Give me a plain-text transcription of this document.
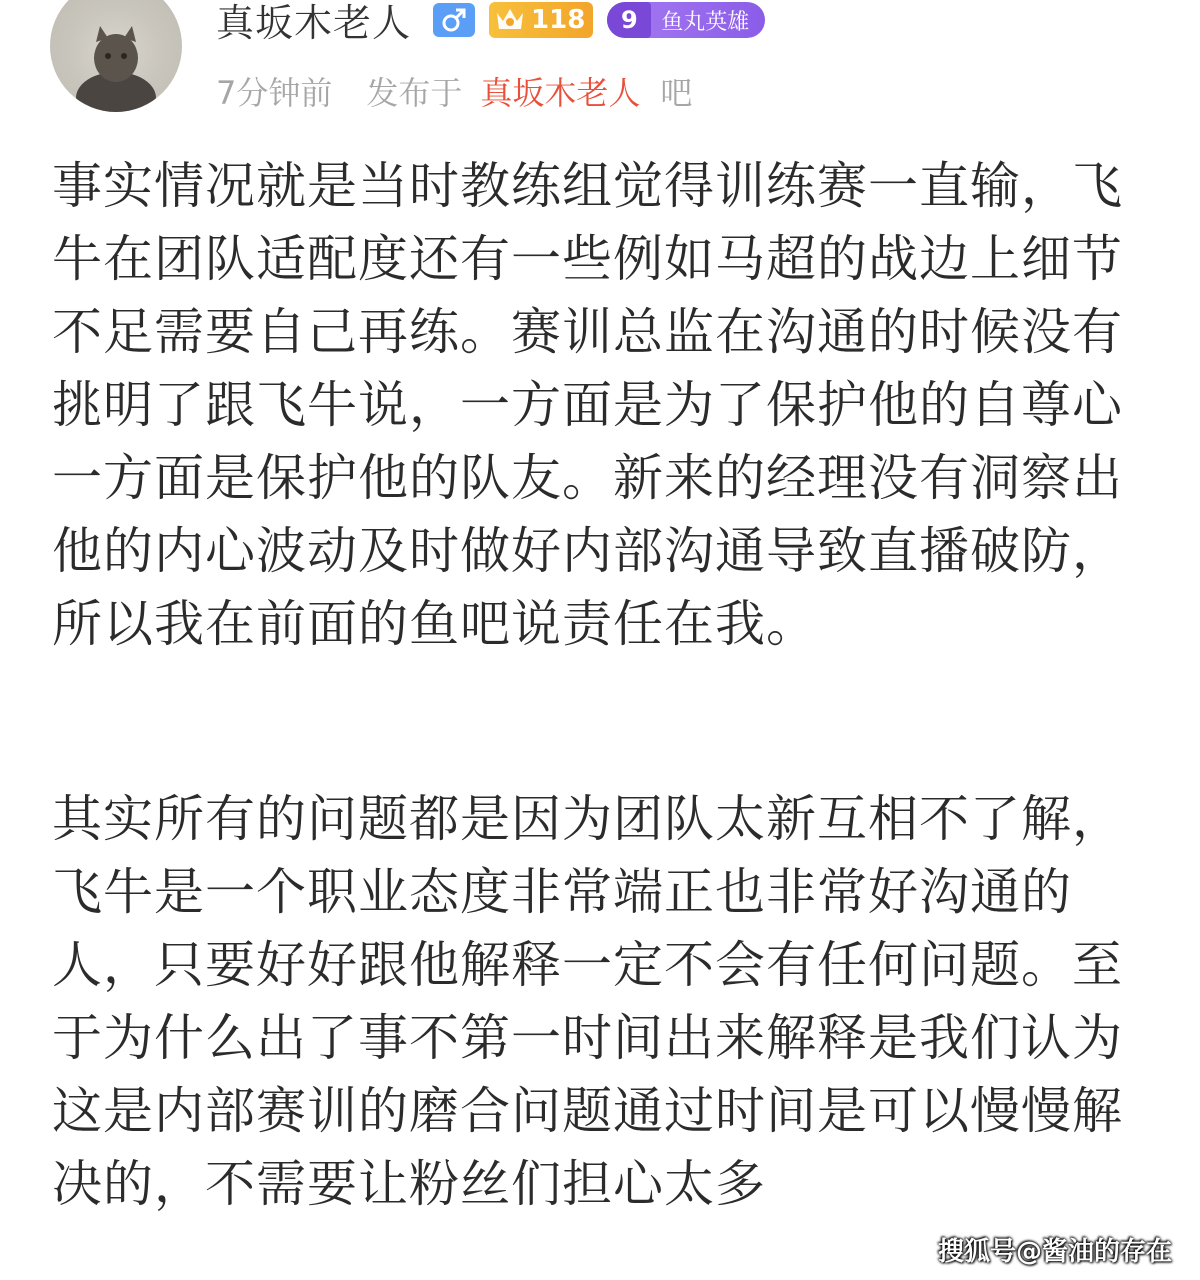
真坂木老人	118	9	鱼丸英雄
7分钟前 发布于 真坂木老人 吧

事实情况就是当时教练组觉得训练赛一直输，飞牛在团队适配度还有一些例如马超的战边上细节不足需要自己再练。赛训总监在沟通的时候没有挑明了跟飞牛说，一方面是为了保护他的自尊心一方面是保护他的队友。新来的经理没有洞察出他的内心波动及时做好内部沟通导致直播破防，所以我在前面的鱼吧说责任在我。

其实所有的问题都是因为团队太新互相不了解，飞牛是一个职业态度非常端正也非常好沟通的人，只要好好跟他解释一定不会有任何问题。至于为什么出了事不第一时间出来解释是我们认为这是内部赛训的磨合问题通过时间是可以慢慢解决的，不需要让粉丝们担心太多

搜狐号@酱油的存在
